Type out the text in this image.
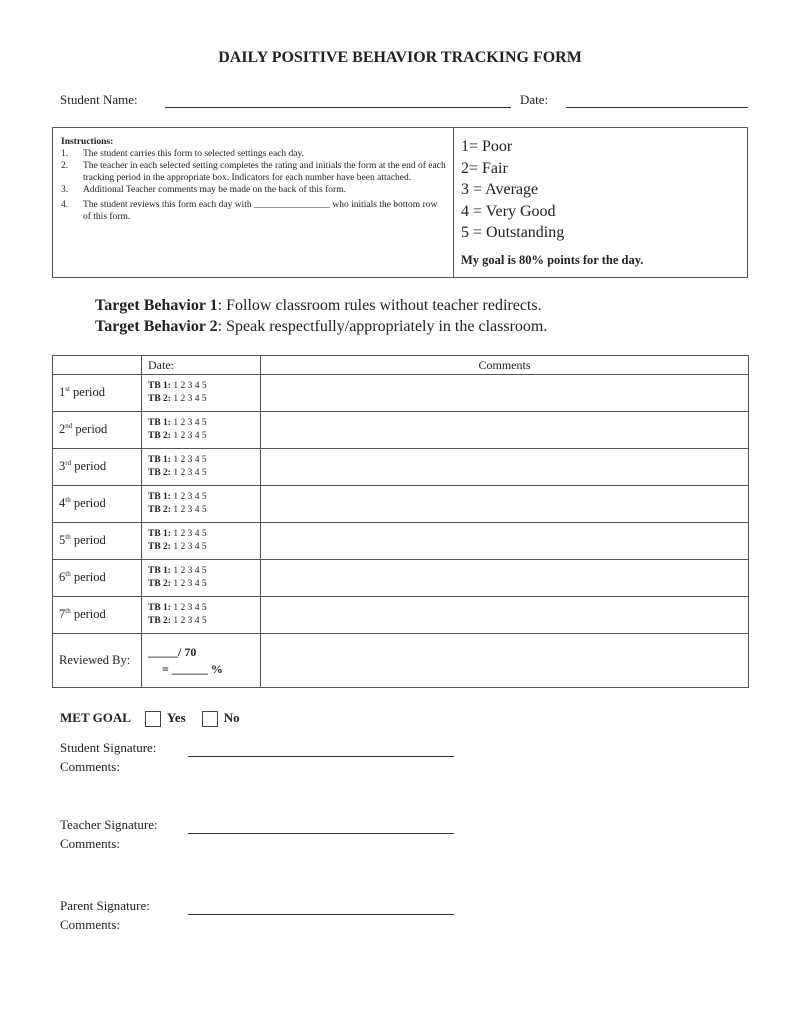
DAILY POSITIVE BEHAVIOR TRACKING FORM
Student Name:	Date:
Instructions:
1.	The student carries this form to selected settings each day.
2.	The teacher in each selected setting completes the rating and initials the form at the end of each tracking period in the appropriate box. Indicators for each number have been attached.
3.	Additional Teacher comments may be made on the back of this form.
4.	The student reviews this form each day with ________________ who initials the bottom row of this form.
1= Poor
2= Fair
3 = Average
4 = Very Good
5 = Outstanding
My goal is 80% points for the day.
Target Behavior 1: Follow classroom rules without teacher redirects.
Target Behavior 2: Speak respectfully/appropriately in the classroom.
	Date:	Comments
1st period	TB 1: 1 2 3 4 5
TB 2: 1 2 3 4 5	

2nd period	TB 1: 1 2 3 4 5
TB 2: 1 2 3 4 5	

3rd period	TB 1: 1 2 3 4 5
TB 2: 1 2 3 4 5	

4th period	TB 1: 1 2 3 4 5
TB 2: 1 2 3 4 5	

5th period	TB 1: 1 2 3 4 5
TB 2: 1 2 3 4 5	

6th period	TB 1: 1 2 3 4 5
TB 2: 1 2 3 4 5	

7th period	TB 1: 1 2 3 4 5
TB 2: 1 2 3 4 5	

Reviewed By:	_____/ 70
= ______ %	

MET GOAL	Yes	No
Student Signature:
Comments:
Teacher Signature:
Comments:
Parent Signature:
Comments:
